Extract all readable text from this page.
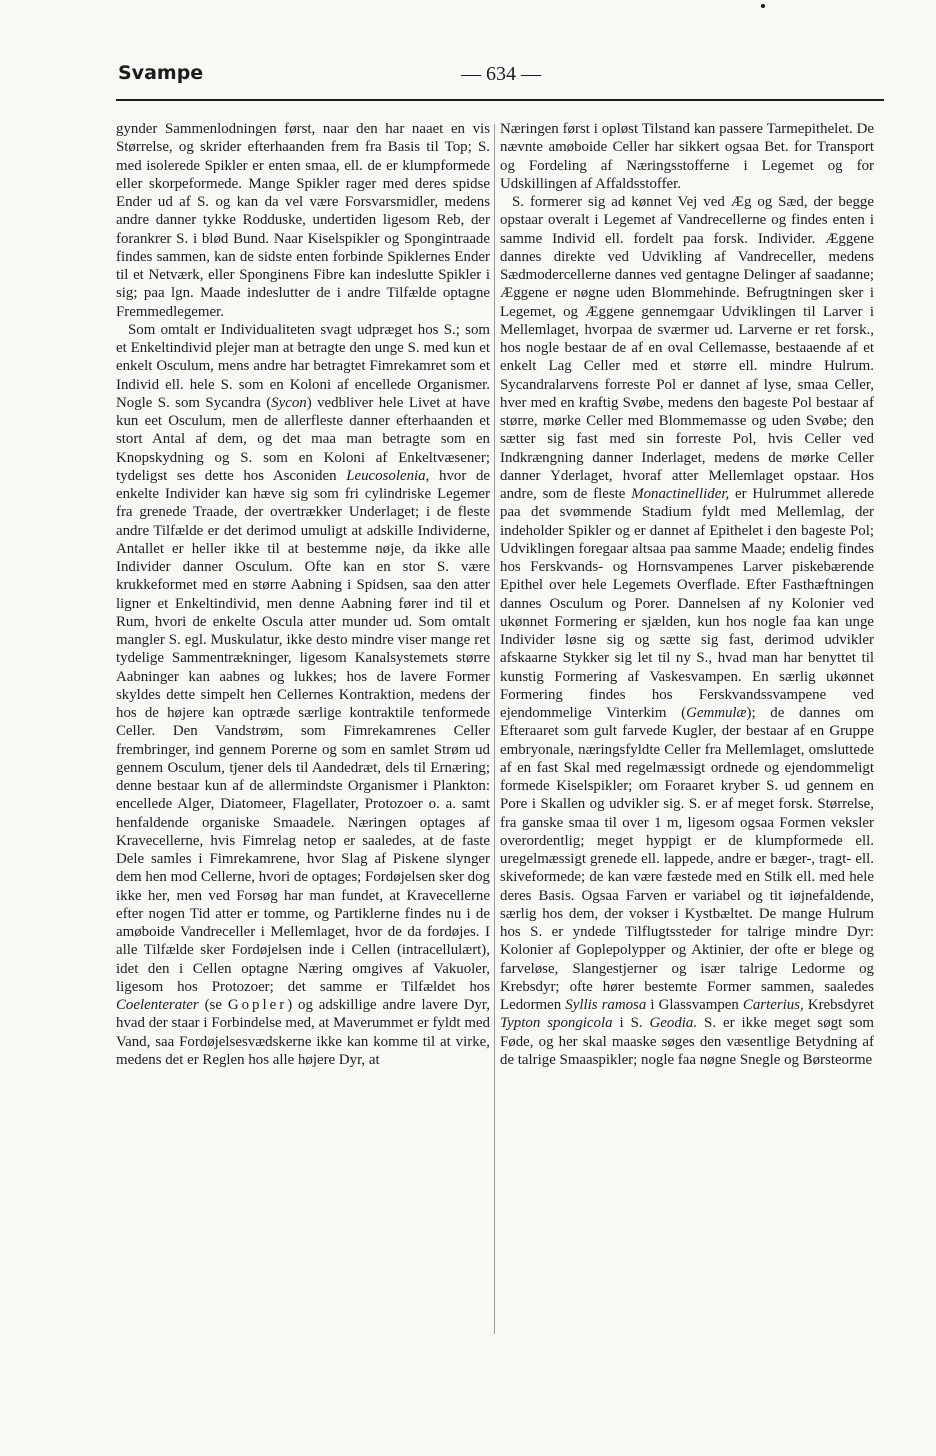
Svampe	— 634 —

gynder Sammenlodningen først, naar den har naaet en vis Størrelse, og skrider efterhaanden frem fra Basis til Top; S. med isolerede Spikler er enten smaa, ell. de er klumpformede eller skorpeformede. Mange Spikler rager med deres spidse Ender ud af S. og kan da vel være Forsvarsmidler, medens andre danner tykke Rodduske, undertiden ligesom Reb, der forankrer S. i blød Bund. Naar Kiselspikler og Spongintraade findes sammen, kan de sidste enten forbinde Spiklernes Ender til et Netværk, eller Sponginens Fibre kan indeslutte Spikler i sig; paa lgn. Maade indeslutter de i andre Tilfælde optagne Fremmedlegemer.

Som omtalt er Individualiteten svagt udpræget hos S.; som et Enkeltindivid plejer man at betragte den unge S. med kun et enkelt Osculum, mens andre har betragtet Fimrekamret som et Individ ell. hele S. som en Koloni af encellede Organismer. Nogle S. som Sycandra (Sycon) vedbliver hele Livet at have kun eet Osculum, men de allerfleste danner efterhaanden et stort Antal af dem, og det maa man betragte som en Knopskydning og S. som en Koloni af Enkeltvæsener; tydeligst ses dette hos Asconiden Leucosolenia, hvor de enkelte Individer kan hæve sig som fri cylindriske Legemer fra grenede Traade, der overtrækker Underlaget; i de fleste andre Tilfælde er det derimod umuligt at adskille Individerne, Antallet er heller ikke til at bestemme nøje, da ikke alle Individer danner Osculum. Ofte kan en stor S. være krukkeformet med en større Aabning i Spidsen, saa den atter ligner et Enkeltindivid, men denne Aabning fører ind til et Rum, hvori de enkelte Oscula atter munder ud. Som omtalt mangler S. egl. Muskulatur, ikke desto mindre viser mange ret tydelige Sammentrækninger, ligesom Kanalsystemets større Aabninger kan aabnes og lukkes; hos de lavere Former skyldes dette simpelt hen Cellernes Kontraktion, medens der hos de højere kan optræde særlige kontraktile tenformede Celler. Den Vandstrøm, som Fimrekamrenes Celler frembringer, ind gennem Porerne og som en samlet Strøm ud gennem Osculum, tjener dels til Aandedræt, dels til Ernæring; denne bestaar kun af de allermindste Organismer i Plankton: encellede Alger, Diatomeer, Flagellater, Protozoer o. a. samt henfaldende organiske Smaadele. Næringen optages af Kravecellerne, hvis Fimrelag netop er saaledes, at de faste Dele samles i Fimrekamrene, hvor Slag af Piskene slynger dem hen mod Cellerne, hvori de optages; Fordøjelsen sker dog ikke her, men ved Forsøg har man fundet, at Kravecellerne efter nogen Tid atter er tomme, og Partiklerne findes nu i de amøboide Vandreceller i Mellemlaget, hvor de da fordøjes. I alle Tilfælde sker Fordøjelsen inde i Cellen (intracellulært), idet den i Cellen optagne Næring omgives af Vakuoler, ligesom hos Protozoer; det samme er Tilfældet hos Coelenterater (se Gopler) og adskillige andre lavere Dyr, hvad der staar i Forbindelse med, at Maverummet er fyldt med Vand, saa Fordøjelsesvædskerne ikke kan komme til at virke, medens det er Reglen hos alle højere Dyr, at

Næringen først i opløst Tilstand kan passere Tarmepithelet. De nævnte amøboide Celler har sikkert ogsaa Bet. for Transport og Fordeling af Næringsstofferne i Legemet og for Udskillingen af Affaldsstoffer.

S. formerer sig ad kønnet Vej ved Æg og Sæd, der begge opstaar overalt i Legemet af Vandrecellerne og findes enten i samme Individ ell. fordelt paa forsk. Individer. Æggene dannes direkte ved Udvikling af Vandreceller, medens Sædmodercellerne dannes ved gentagne Delinger af saadanne; Æggene er nøgne uden Blommehinde. Befrugtningen sker i Legemet, og Æggene gennemgaar Udviklingen til Larver i Mellemlaget, hvorpaa de sværmer ud. Larverne er ret forsk., hos nogle bestaar de af en oval Cellemasse, bestaaende af et enkelt Lag Celler med et større ell. mindre Hulrum. Sycandralarvens forreste Pol er dannet af lyse, smaa Celler, hver med en kraftig Svøbe, medens den bageste Pol bestaar af større, mørke Celler med Blommemasse og uden Svøbe; den sætter sig fast med sin forreste Pol, hvis Celler ved Indkrængning danner Inderlaget, medens de mørke Celler danner Yderlaget, hvoraf atter Mellemlaget opstaar. Hos andre, som de fleste Monactinellider, er Hulrummet allerede paa det svømmende Stadium fyldt med Mellemlag, der indeholder Spikler og er dannet af Epithelet i den bageste Pol; Udviklingen foregaar altsaa paa samme Maade; endelig findes hos Ferskvands- og Hornsvampenes Larver piskebærende Epithel over hele Legemets Overflade. Efter Fasthæftningen dannes Osculum og Porer. Dannelsen af ny Kolonier ved ukønnet Formering er sjælden, kun hos nogle faa kan unge Individer løsne sig og sætte sig fast, derimod udvikler afskaarne Stykker sig let til ny S., hvad man har benyttet til kunstig Formering af Vaskesvampen. En særlig ukønnet Formering findes hos Ferskvandssvampene ved ejendommelige Vinterkim (Gemmulæ); de dannes om Efteraaret som gult farvede Kugler, der bestaar af en Gruppe embryonale, næringsfyldte Celler fra Mellemlaget, omsluttede af en fast Skal med regelmæssigt ordnede og ejendommeligt formede Kiselspikler; om Foraaret kryber S. ud gennem en Pore i Skallen og udvikler sig. S. er af meget forsk. Størrelse, fra ganske smaa til over 1 m, ligesom ogsaa Formen veksler overordentlig; meget hyppigt er de klumpformede ell. uregelmæssigt grenede ell. lappede, andre er bæger-, tragt- ell. skiveformede; de kan være fæstede med en Stilk ell. med hele deres Basis. Ogsaa Farven er variabel og tit iøjnefaldende, særlig hos dem, der vokser i Kystbæltet. De mange Hulrum hos S. er yndede Tilflugtssteder for talrige mindre Dyr: Kolonier af Goplepolypper og Aktinier, der ofte er blege og farveløse, Slangestjerner og især talrige Ledorme og Krebsdyr; ofte hører bestemte Former sammen, saaledes Ledormen Syllis ramosa i Glassvampen Carterius, Krebsdyret Typton spongicola i S. Geodia. S. er ikke meget søgt som Føde, og her skal maaske søges den væsentlige Betydning af de talrige Smaaspikler; nogle faa nøgne Snegle og Børsteorme
